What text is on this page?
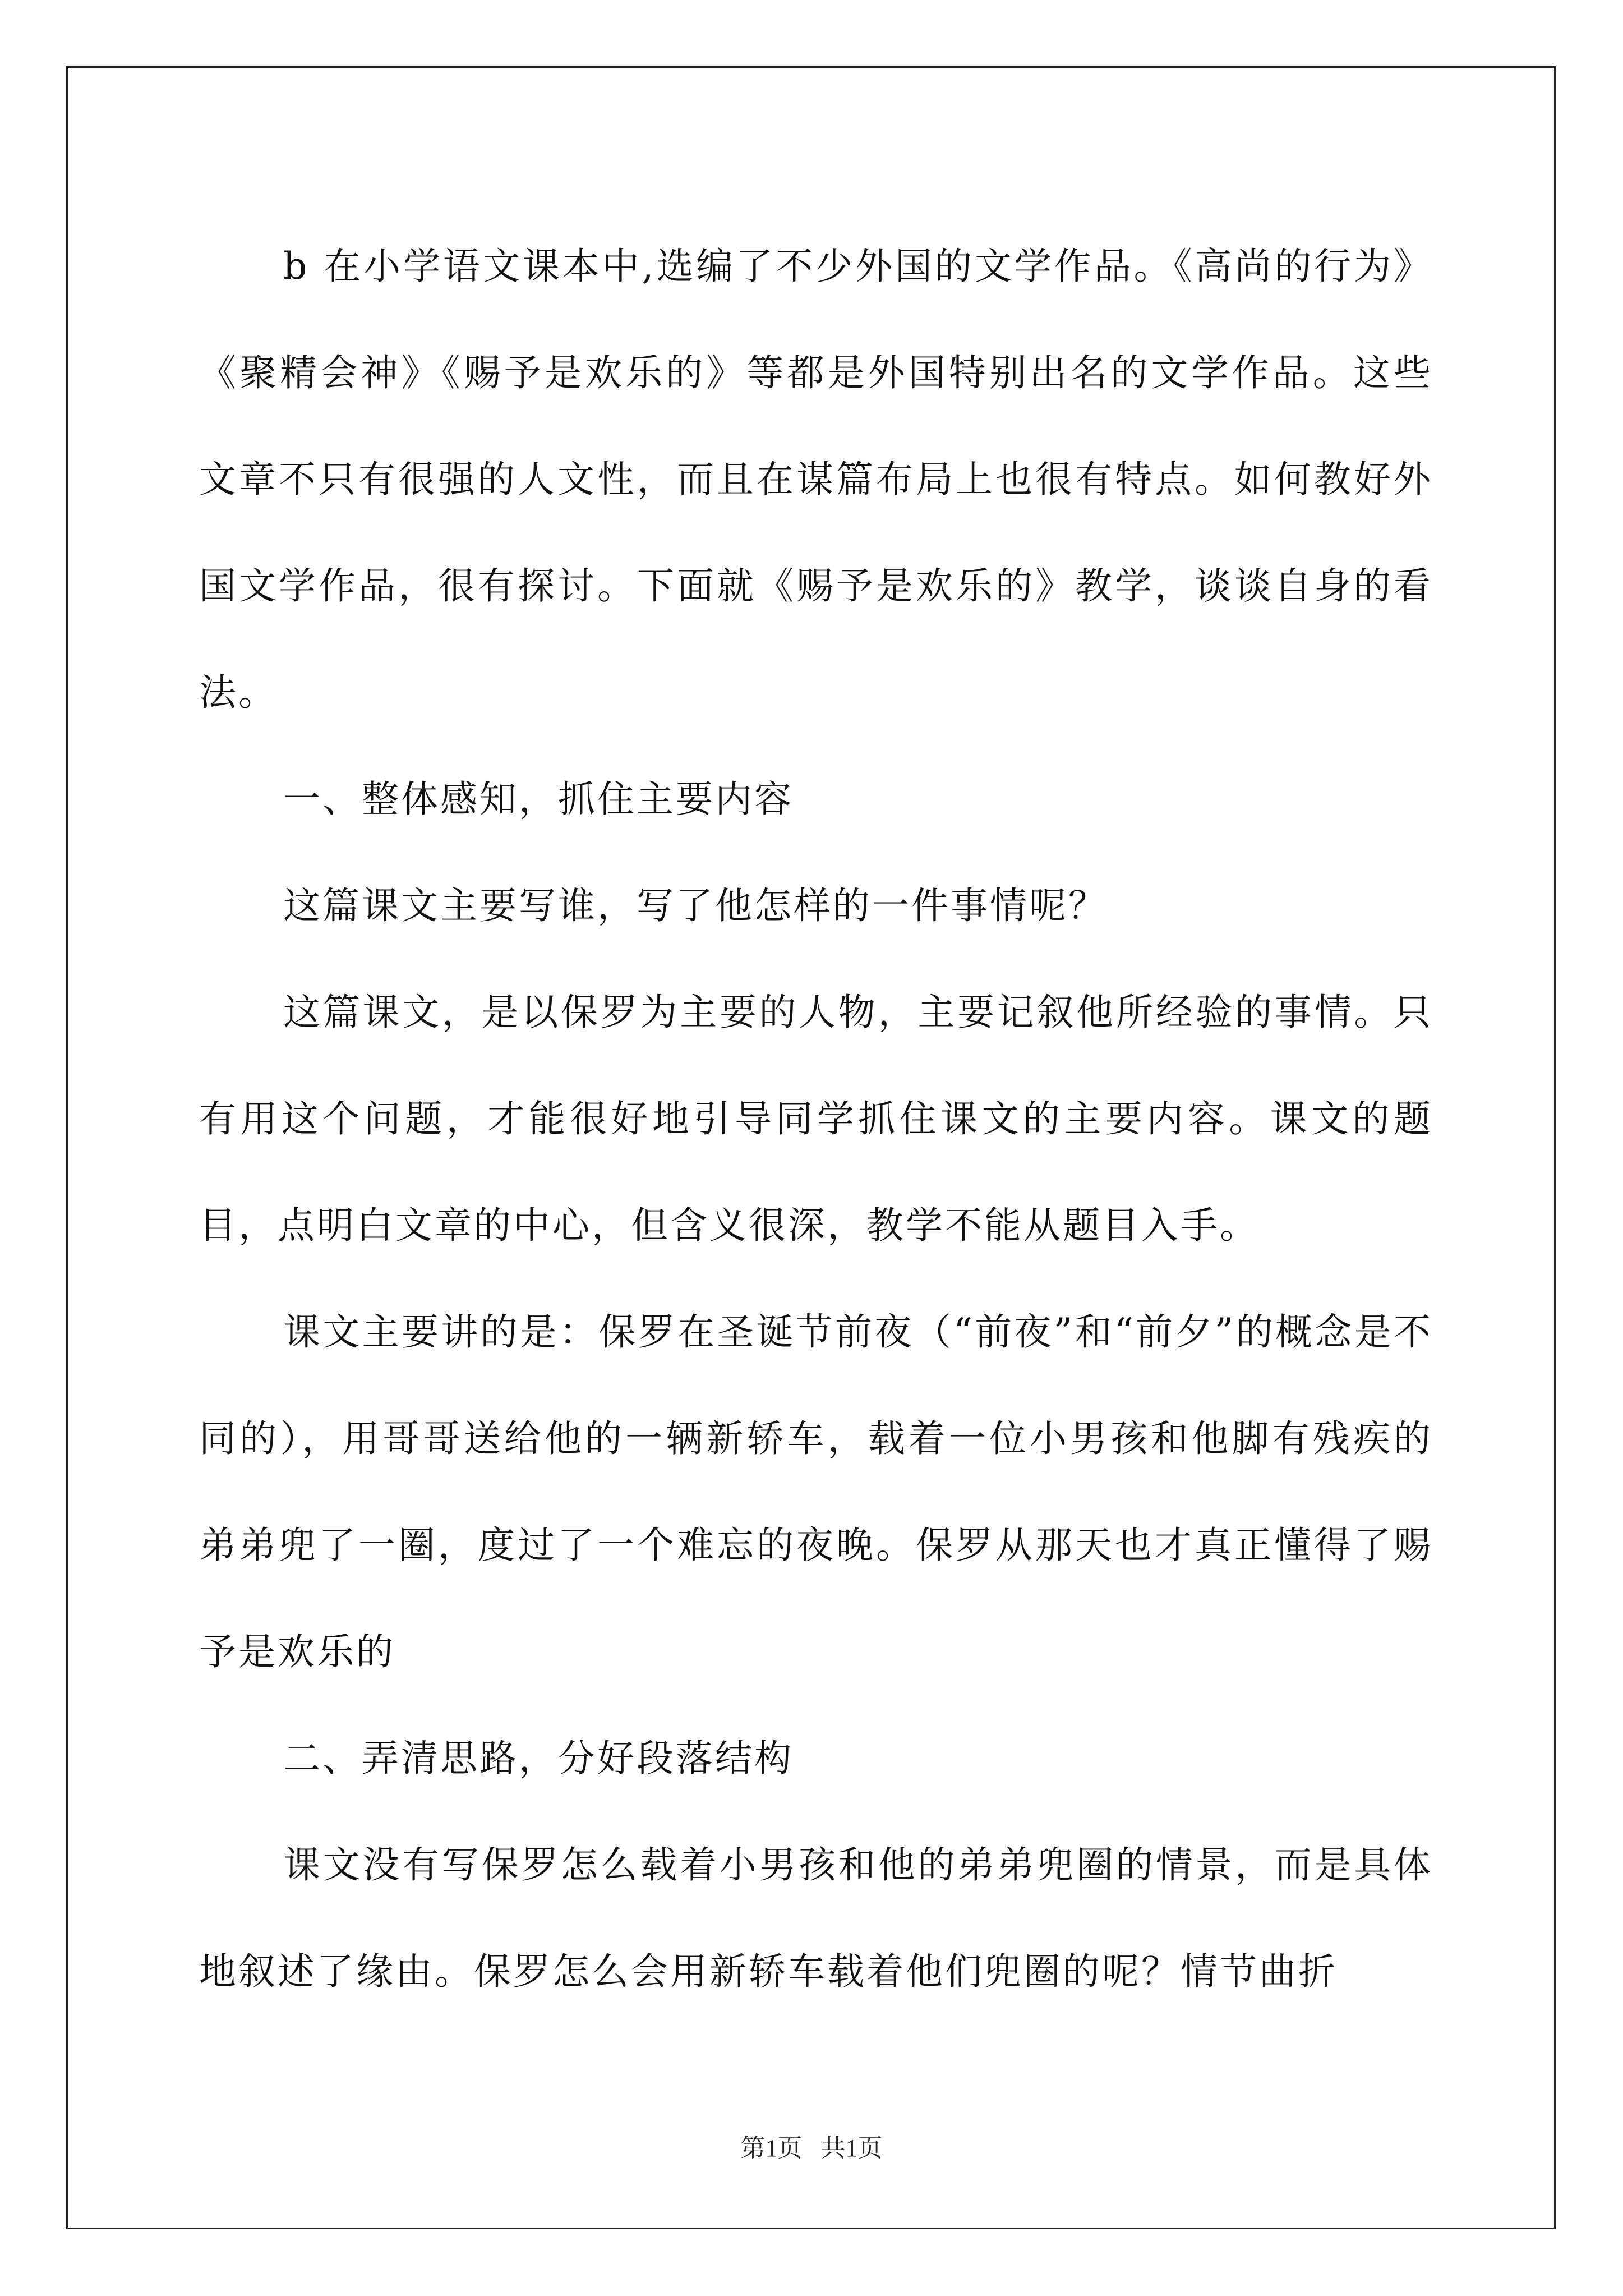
b 在小学语文课本中,选编了不少外国的文学作品。《高尚的行为》《聚精会神》《赐予是欢乐的》等都是外国特别出名的文学作品。这些文章不只有很强的人文性，而且在谋篇布局上也很有特点。如何教好外国文学作品，很有探讨。下面就《赐予是欢乐的》教学，谈谈自身的看法。

一、整体感知，抓住主要内容

这篇课文主要写谁，写了他怎样的一件事情呢？

这篇课文，是以保罗为主要的人物，主要记叙他所经验的事情。只有用这个问题，才能很好地引导同学抓住课文的主要内容。课文的题目，点明白文章的中心，但含义很深，教学不能从题目入手。

课文主要讲的是：保罗在圣诞节前夜（“前夜”和“前夕”的概念是不同的），用哥哥送给他的一辆新轿车，载着一位小男孩和他脚有残疾的弟弟兜了一圈，度过了一个难忘的夜晚。保罗从那天也才真正懂得了赐予是欢乐的

二、弄清思路，分好段落结构

课文没有写保罗怎么载着小男孩和他的弟弟兜圈的情景，而是具体地叙述了缘由。保罗怎么会用新轿车载着他们兜圈的呢？情节曲折

第1页 共1页
